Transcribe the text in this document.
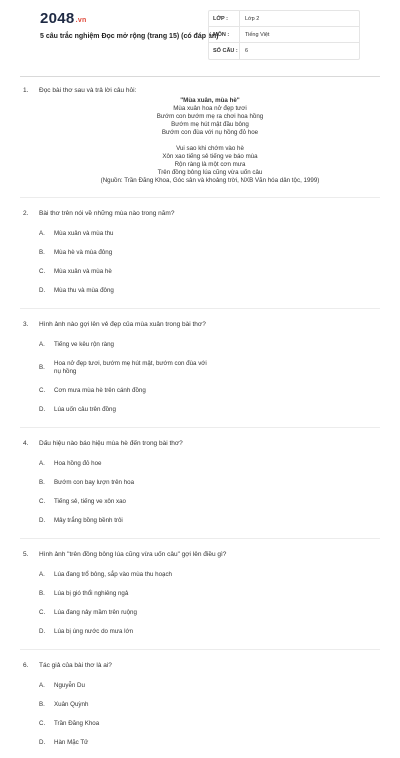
2048.vn
5 câu trắc nghiệm Đọc mở rộng (trang 15) (có đáp án)
LỚP :	Lớp 2
MÔN :	Tiếng Việt
SỐ CÂU :	6
1.	Đọc bài thơ sau và trả lời câu hỏi:
"Mùa xuân, mùa hè"
Mùa xuân hoa nở đẹp tươi
Bướm con bướm mẹ ra chơi hoa hồng
Bướm mẹ hút mật đầu bông
Bướm con đùa với nụ hồng đỏ hoe
Vui sao khi chớm vào hè
Xôn xao tiếng sẻ tiếng ve báo mùa
Rộn ràng là một cơn mưa
Trên đồng bông lúa cũng vừa uốn câu
(Nguồn: Trần Đăng Khoa, Góc sân và khoảng trời, NXB Văn hóa dân tộc, 1999)
2.	Bài thơ trên nói về những mùa nào trong năm?
A.	Mùa xuân và mùa thu
B.	Mùa hè và mùa đông
C.	Mùa xuân và mùa hè
D.	Mùa thu và mùa đông
3.	Hình ảnh nào gợi lên vẻ đẹp của mùa xuân trong bài thơ?
A.	Tiếng ve kêu rộn ràng
B.
Hoa nở đẹp tươi, bướm mẹ hút mật, bướm con đùa với nụ hồng
C.	Cơn mưa mùa hè trên cánh đồng
D.	Lúa uốn câu trên đồng
4.	Dấu hiệu nào báo hiệu mùa hè đến trong bài thơ?
A.	Hoa hồng đỏ hoe
B.	Bướm con bay lượn trên hoa
C.	Tiếng sẻ, tiếng ve xôn xao
D.	Mây trắng bồng bềnh trôi
5.	Hình ảnh "trên đồng bông lúa cũng vừa uốn câu" gợi lên điều gì?
A.	Lúa đang trổ bông, sắp vào mùa thu hoạch
B.	Lúa bị gió thổi nghiêng ngả
C.	Lúa đang nảy mầm trên ruộng
D.	Lúa bị úng nước do mưa lớn
6.	Tác giả của bài thơ là ai?
A.	Nguyễn Du
B.	Xuân Quỳnh
C.	Trần Đăng Khoa
D.	Hàn Mặc Tử
